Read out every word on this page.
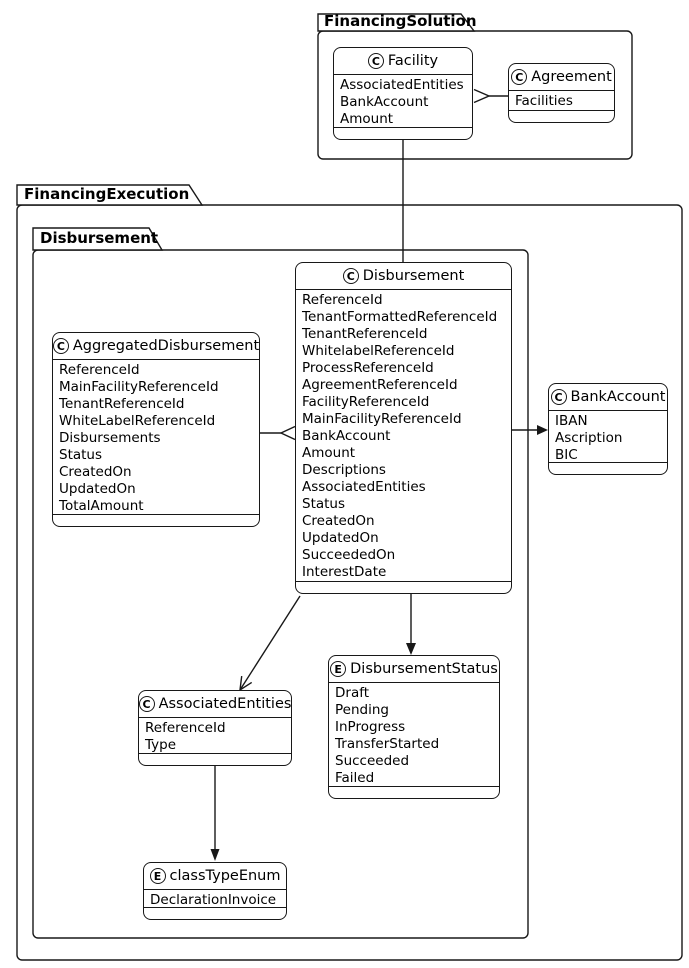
FinancingSolution
FinancingExecution
Disbursement
C Facility
AssociatedEntities
BankAccount
Amount
C Agreement
Facilities
C Disbursement
ReferenceId
TenantFormattedReferenceId
TenantReferenceId
WhitelabelReferenceId
ProcessReferenceId
AgreementReferenceId
FacilityReferenceId
MainFacilityReferenceId
BankAccount
Amount
Descriptions
AssociatedEntities
Status
CreatedOn
UpdatedOn
SucceededOn
InterestDate
C AggregatedDisbursement
ReferenceId
MainFacilityReferenceId
TenantReferenceId
WhiteLabelReferenceId
Disbursements
Status
CreatedOn
UpdatedOn
TotalAmount
C BankAccount
IBAN
Ascription
BIC
E DisbursementStatus
Draft
Pending
InProgress
TransferStarted
Succeeded
Failed
C AssociatedEntities
ReferenceId
Type
E classTypeEnum
DeclarationInvoice
